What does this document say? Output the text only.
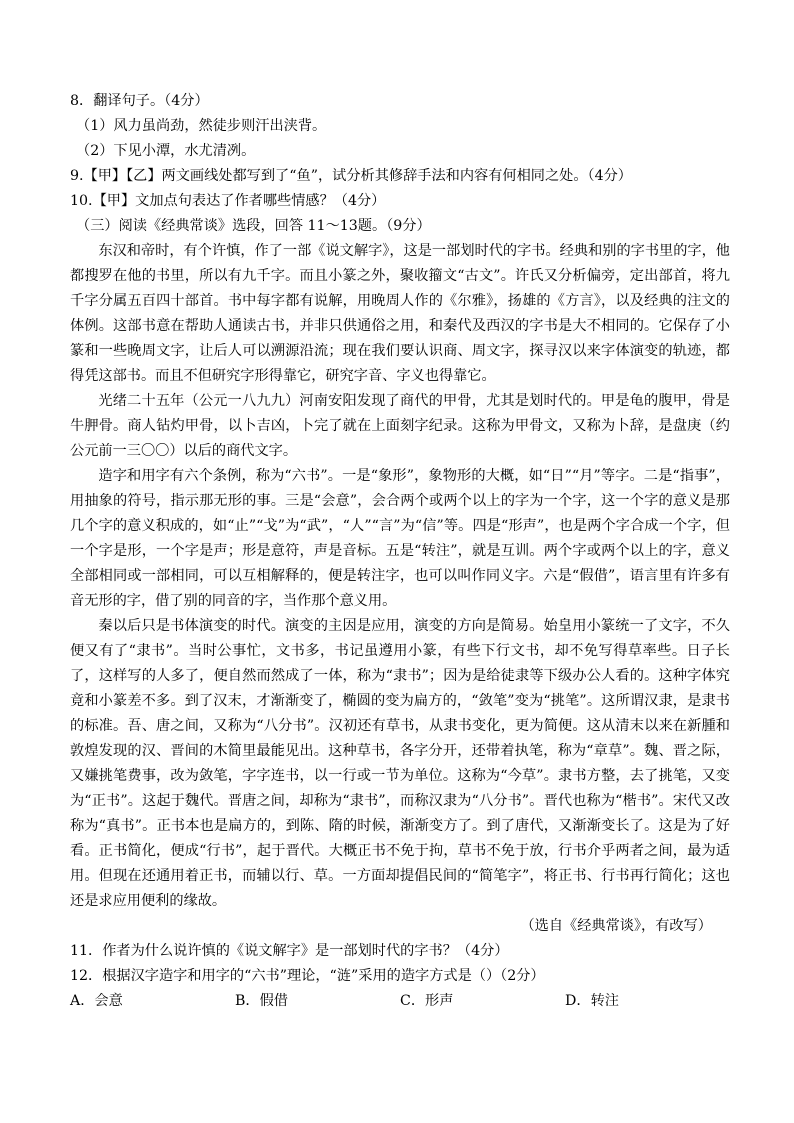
8．翻译句子。（4分）
（1）风力虽尚劲，然徒步则汗出浃背。
（2）下见小潭，水尤清冽。
9.【甲】【乙】两文画线处都写到了“鱼”，试分析其修辞手法和内容有何相同之处。（4分）
10.【甲】文加点句表达了作者哪些情感？（4分）
（三）阅读《经典常谈》选段，回答 11～13题。（9分）

东汉和帝时，有个许慎，作了一部《说文解字》，这是一部划时代的字书。经典和别的字书里的字，他都搜罗在他的书里，所以有九千字。而且小篆之外，聚收籀文“古文”。许氏又分析偏旁，定出部首，将九千字分属五百四十部首。书中每字都有说解，用晚周人作的《尔雅》，扬雄的《方言》，以及经典的注文的体例。这部书意在帮助人通读古书，并非只供通俗之用，和秦代及西汉的字书是大不相同的。它保存了小篆和一些晚周文字，让后人可以溯源沿流；现在我们要认识商、周文字，探寻汉以来字体演变的轨迹，都得凭这部书。而且不但研究字形得靠它，研究字音、字义也得靠它。

光绪二十五年（公元一八九九）河南安阳发现了商代的甲骨，尤其是划时代的。甲是龟的腹甲，骨是牛胛骨。商人钻灼甲骨，以卜吉凶，卜完了就在上面刻字纪录。这称为甲骨文，又称为卜辞，是盘庚（约公元前一三〇〇）以后的商代文字。

造字和用字有六个条例，称为“六书”。一是“象形”，象物形的大概，如“日”“月”等字。二是“指事”，用抽象的符号，指示那无形的事。三是“会意”，会合两个或两个以上的字为一个字，这一个字的意义是那几个字的意义积成的，如“止”“戈”为“武”，“人”“言”为“信”等。四是“形声”，也是两个字合成一个字，但一个字是形，一个字是声；形是意符，声是音标。五是“转注”，就是互训。两个字或两个以上的字，意义全部相同或一部相同，可以互相解释的，便是转注字，也可以叫作同义字。六是“假借”，语言里有许多有音无形的字，借了别的同音的字，当作那个意义用。

秦以后只是书体演变的时代。演变的主因是应用，演变的方向是简易。始皇用小篆统一了文字，不久便又有了“隶书”。当时公事忙，文书多，书记虽遵用小篆，有些下行文书，却不免写得草率些。日子长了，这样写的人多了，便自然而然成了一体，称为“隶书”；因为是给徒隶等下级办公人看的。这种字体究竟和小篆差不多。到了汉末，才渐渐变了，椭圆的变为扁方的，“敛笔”变为“挑笔”。这所谓汉隶，是隶书的标准。吾、唐之间，又称为“八分书”。汉初还有草书，从隶书变化，更为简便。这从清末以来在新腫和敦煌发现的汉、晋间的木简里最能见出。这种草书，各字分开，还带着执笔，称为“章草”。魏、晋之际，又嫌挑笔费事，改为敛笔，字字连书，以一行或一节为单位。这称为“今草”。隶书方整，去了挑笔，又变为“正书”。这起于魏代。晋唐之间，却称为“隶书”，而称汉隶为“八分书”。晋代也称为“楷书”。宋代又改称为“真书”。正书本也是扁方的，到陈、隋的时候，渐渐变方了。到了唐代，又渐渐变长了。这是为了好看。正书简化，便成“行书”，起于晋代。大概正书不免于拘，草书不免于放，行书介乎两者之间，最为适用。但现在还通用着正书，而辅以行、草。一方面却提倡民间的“简笔字”，将正书、行书再行简化；这也还是求应用便利的缘故。

（选自《经典常谈》，有改写）
11．作者为什么说许慎的《说文解字》是一部划时代的字书？（4分）
12．根据汉字造字和用字的“六书”理论，“涟”采用的造字方式是（）（2分）
A．会意	B．假借	C．形声	D．转注
